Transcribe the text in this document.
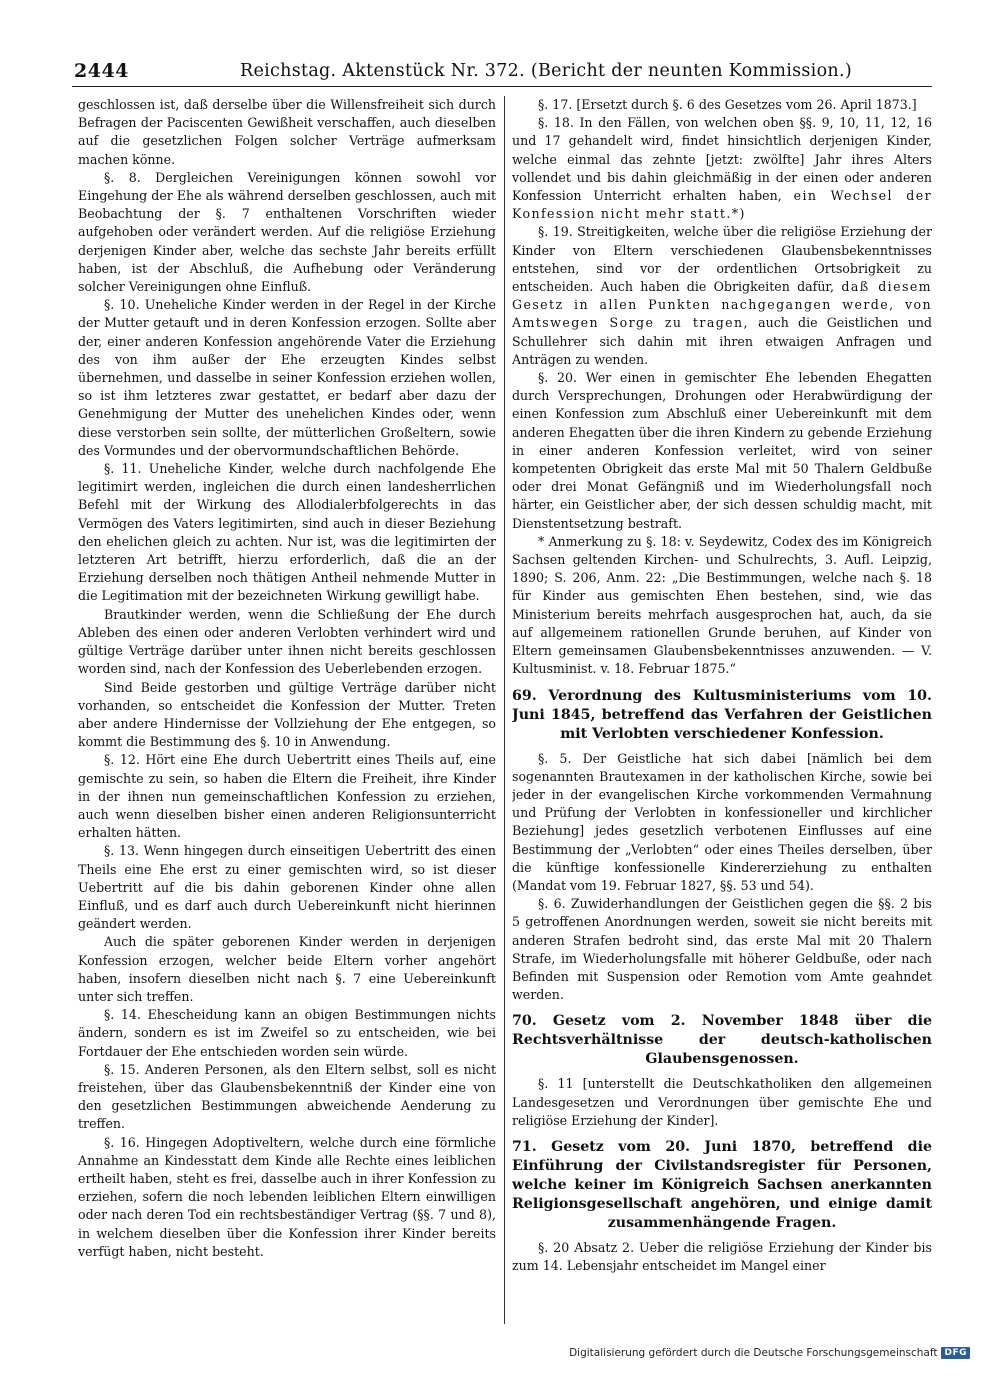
2444	Reichstag. Aktenstück Nr. 372. (Bericht der neunten Kommission.)

geschlossen ist, daß derselbe über die Willensfreiheit sich durch Befragen der Paciscenten Gewißheit verschaffen, auch dieselben auf die gesetzlichen Folgen solcher Verträge aufmerksam machen könne.

§. 8. Dergleichen Vereinigungen können sowohl vor Eingehung der Ehe als während derselben geschlossen, auch mit Beobachtung der §. 7 enthaltenen Vorschriften wieder aufgehoben oder verändert werden. Auf die religiöse Erziehung derjenigen Kinder aber, welche das sechste Jahr bereits erfüllt haben, ist der Abschluß, die Aufhebung oder Veränderung solcher Vereinigungen ohne Einfluß.

§. 10. Uneheliche Kinder werden in der Regel in der Kirche der Mutter getauft und in deren Konfession erzogen. Sollte aber der, einer anderen Konfession angehörende Vater die Erziehung des von ihm außer der Ehe erzeugten Kindes selbst übernehmen, und dasselbe in seiner Konfession erziehen wollen, so ist ihm letzteres zwar gestattet, er bedarf aber dazu der Genehmigung der Mutter des unehelichen Kindes oder, wenn diese verstorben sein sollte, der mütterlichen Großeltern, sowie des Vormundes und der obervormundschaftlichen Behörde.

§. 11. Uneheliche Kinder, welche durch nachfolgende Ehe legitimirt werden, ingleichen die durch einen landesherrlichen Befehl mit der Wirkung des Allodialerbfolgerechts in das Vermögen des Vaters legitimirten, sind auch in dieser Beziehung den ehelichen gleich zu achten. Nur ist, was die legitimirten der letzteren Art betrifft, hierzu erforderlich, daß die an der Erziehung derselben noch thätigen Antheil nehmende Mutter in die Legitimation mit der bezeichneten Wirkung gewilligt habe.

Brautkinder werden, wenn die Schließung der Ehe durch Ableben des einen oder anderen Verlobten verhindert wird und gültige Verträge darüber unter ihnen nicht bereits geschlossen worden sind, nach der Konfession des Ueberlebenden erzogen.

Sind Beide gestorben und gültige Verträge darüber nicht vorhanden, so entscheidet die Konfession der Mutter. Treten aber andere Hindernisse der Vollziehung der Ehe entgegen, so kommt die Bestimmung des §. 10 in Anwendung.

§. 12. Hört eine Ehe durch Uebertritt eines Theils auf, eine gemischte zu sein, so haben die Eltern die Freiheit, ihre Kinder in der ihnen nun gemeinschaftlichen Konfession zu erziehen, auch wenn dieselben bisher einen anderen Religionsunterricht erhalten hätten.

§. 13. Wenn hingegen durch einseitigen Uebertritt des einen Theils eine Ehe erst zu einer gemischten wird, so ist dieser Uebertritt auf die bis dahin geborenen Kinder ohne allen Einfluß, und es darf auch durch Uebereinkunft nicht hierinnen geändert werden.

Auch die später geborenen Kinder werden in derjenigen Konfession erzogen, welcher beide Eltern vorher angehört haben, insofern dieselben nicht nach §. 7 eine Uebereinkunft unter sich treffen.

§. 14. Ehescheidung kann an obigen Bestimmungen nichts ändern, sondern es ist im Zweifel so zu entscheiden, wie bei Fortdauer der Ehe entschieden worden sein würde.

§. 15. Anderen Personen, als den Eltern selbst, soll es nicht freistehen, über das Glaubensbekenntniß der Kinder eine von den gesetzlichen Bestimmungen abweichende Aenderung zu treffen.

§. 16. Hingegen Adoptiveltern, welche durch eine förmliche Annahme an Kindesstatt dem Kinde alle Rechte eines leiblichen ertheilt haben, steht es frei, dasselbe auch in ihrer Konfession zu erziehen, sofern die noch lebenden leiblichen Eltern einwilligen oder nach deren Tod ein rechtsbeständiger Vertrag (§§. 7 und 8), in welchem dieselben über die Konfession ihrer Kinder bereits verfügt haben, nicht besteht.

§. 17. [Ersetzt durch §. 6 des Gesetzes vom 26. April 1873.]

§. 18. In den Fällen, von welchen oben §§. 9, 10, 11, 12, 16 und 17 gehandelt wird, findet hinsichtlich derjenigen Kinder, welche einmal das zehnte [jetzt: zwölfte] Jahr ihres Alters vollendet und bis dahin gleichmäßig in der einen oder anderen Konfession Unterricht erhalten haben, ein Wechsel der Konfession nicht mehr statt.*)

§. 19. Streitigkeiten, welche über die religiöse Erziehung der Kinder von Eltern verschiedenen Glaubensbekenntnisses entstehen, sind vor der ordentlichen Ortsobrigkeit zu entscheiden. Auch haben die Obrigkeiten dafür, daß diesem Gesetz in allen Punkten nachgegangen werde, von Amtswegen Sorge zu tragen, auch die Geistlichen und Schullehrer sich dahin mit ihren etwaigen Anfragen und Anträgen zu wenden.

§. 20. Wer einen in gemischter Ehe lebenden Ehegatten durch Versprechungen, Drohungen oder Herabwürdigung der einen Konfession zum Abschluß einer Uebereinkunft mit dem anderen Ehegatten über die ihren Kindern zu gebende Erziehung in einer anderen Konfession verleitet, wird von seiner kompetenten Obrigkeit das erste Mal mit 50 Thalern Geldbuße oder drei Monat Gefängniß und im Wiederholungsfall noch härter, ein Geistlicher aber, der sich dessen schuldig macht, mit Dienstentsetzung bestraft.

* Anmerkung zu §. 18: v. Seydewitz, Codex des im Königreich Sachsen geltenden Kirchen- und Schulrechts, 3. Aufl. Leipzig, 1890; S. 206, Anm. 22: „Die Bestimmungen, welche nach §. 18 für Kinder aus gemischten Ehen bestehen, sind, wie das Ministerium bereits mehrfach ausgesprochen hat, auch, da sie auf allgemeinem rationellen Grunde beruhen, auf Kinder von Eltern gemeinsamen Glaubensbekenntnisses anzuwenden. — V. Kultusminist. v. 18. Februar 1875.“

69. Verordnung des Kultusministeriums vom 10. Juni 1845, betreffend das Verfahren der Geistlichen mit Verlobten verschiedener Konfession.

§. 5. Der Geistliche hat sich dabei [nämlich bei dem sogenannten Brautexamen in der katholischen Kirche, sowie bei jeder in der evangelischen Kirche vorkommenden Vermahnung und Prüfung der Verlobten in konfessioneller und kirchlicher Beziehung] jedes gesetzlich verbotenen Einflusses auf eine Bestimmung der „Verlobten“ oder eines Theiles derselben, über die künftige konfessionelle Kindererziehung zu enthalten (Mandat vom 19. Februar 1827, §§. 53 und 54).

§. 6. Zuwiderhandlungen der Geistlichen gegen die §§. 2 bis 5 getroffenen Anordnungen werden, soweit sie nicht bereits mit anderen Strafen bedroht sind, das erste Mal mit 20 Thalern Strafe, im Wiederholungsfalle mit höherer Geldbuße, oder nach Befinden mit Suspension oder Remotion vom Amte geahndet werden.

70. Gesetz vom 2. November 1848 über die Rechtsverhältnisse der deutsch-katholischen Glaubensgenossen.

§. 11 [unterstellt die Deutschkatholiken den allgemeinen Landesgesetzen und Verordnungen über gemischte Ehe und religiöse Erziehung der Kinder].

71. Gesetz vom 20. Juni 1870, betreffend die Einführung der Civilstandsregister für Personen, welche keiner im Königreich Sachsen anerkannten Religionsgesellschaft angehören, und einige damit zusammenhängende Fragen.

§. 20 Absatz 2. Ueber die religiöse Erziehung der Kinder bis zum 14. Lebensjahr entscheidet im Mangel einer

Digitalisierung gefördert durch die Deutsche Forschungsgemeinschaft DFG
